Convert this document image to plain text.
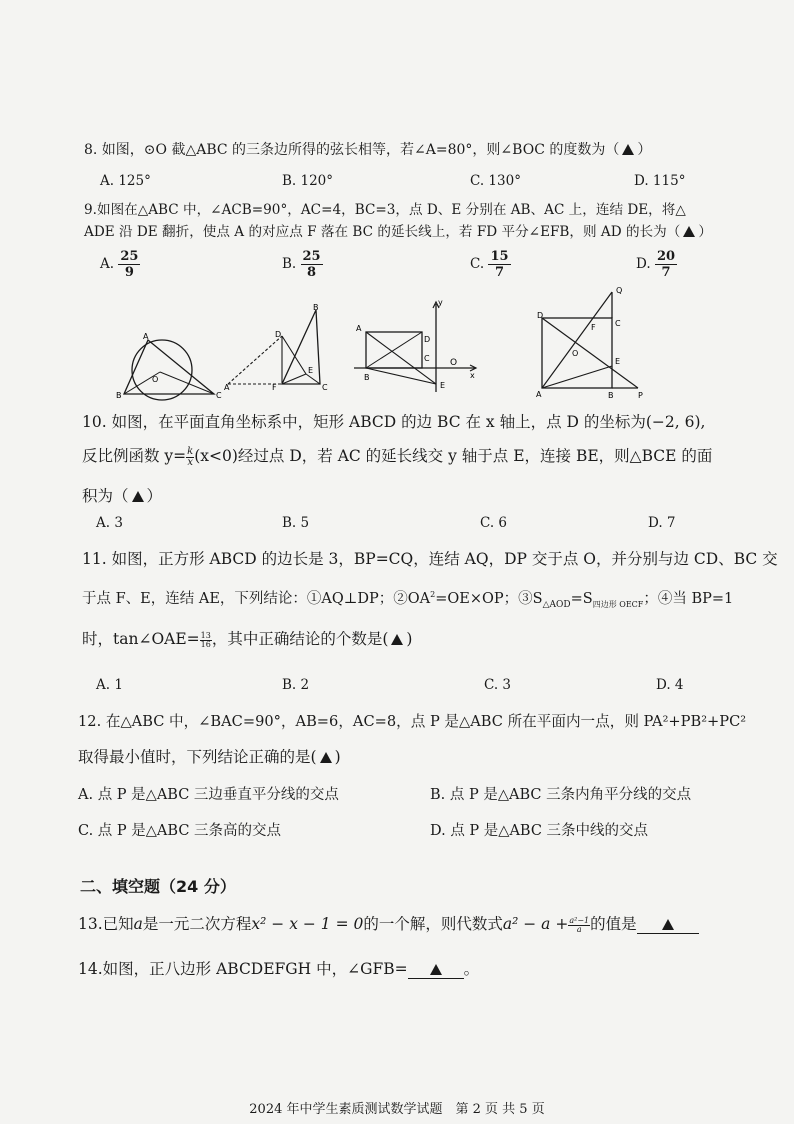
8. 如图，⊙O 截△ABC 的三条边所得的弦长相等，若∠A=80°，则∠BOC 的度数为（ ）
A. 125°	B. 120°	C. 130°	D. 115°
9.如图在△ABC 中，∠ACB=90°，AC=4，BC=3，点 D、E 分别在 AB、AC 上，连结 DE，将△
ADE 沿 DE 翻折，使点 A 的对应点 F 落在 BC 的延长线上，若 FD 平分∠EFB，则 AD 的长为（ ）
A. $\frac{25}{9}$	B. $\frac{25}{8}$	C. $\frac{15}{7}$	D. $\frac{20}{7}$
A
B	C
O
B
A	C
D
F
E
y
A
B
C
D
E
O
x
Q
D
C
F
O
E
A	B	P
10. 如图，在平面直角坐标系中，矩形 ABCD 的边 BC 在 x 轴上，点 D 的坐标为(−2, 6),
反比例函数 $y= \frac{k}{x} (x<0)$经过点 D，若 AC 的延长线交 y 轴于点 E，连接 BE，则△BCE 的面
积为（ ）
A. 3	B. 5	C. 6	D. 7
11. 如图，正方形 ABCD 的边长是 3，BP=CQ，连结 AQ，DP 交于点 O，并分别与边 CD、BC 交
于点 F、E，连结 AE，下列结论：①AQ⊥DP；$②OA^2=OE\times OP$；$③S_{\triangle AOD}=S_{四边形 OECF}$；④当 BP=1
时，tan∠OAE= $\frac{13}{16}$ ，其中正确结论的个数是( )
A. 1	B. 2	C. 3	D. 4
12. 在△ABC 中，∠BAC=90°，AB=6，AC=8，点 P 是△ABC 所在平面内一点，则 PA²+PB²+PC²
取得最小值时，下列结论正确的是( )
A. 点 P 是△ABC 三边垂直平分线的交点	B. 点 P 是△ABC 三条内角平分线的交点
C. 点 P 是△ABC 三条高的交点	D. 点 P 是△ABC 三条中线的交点
二、填空题（24 分）
13.已知a是一元二次方程x² − x − 1 = 0的一个解，则代数式$a^2 - a + \frac{\text{a²−1}}{a}$ 的值是
14.如图，正八边形 ABCDEFGH 中，∠GFB=	。
2024 年中学生素质测试数学试题　第 2 页 共 5 页
